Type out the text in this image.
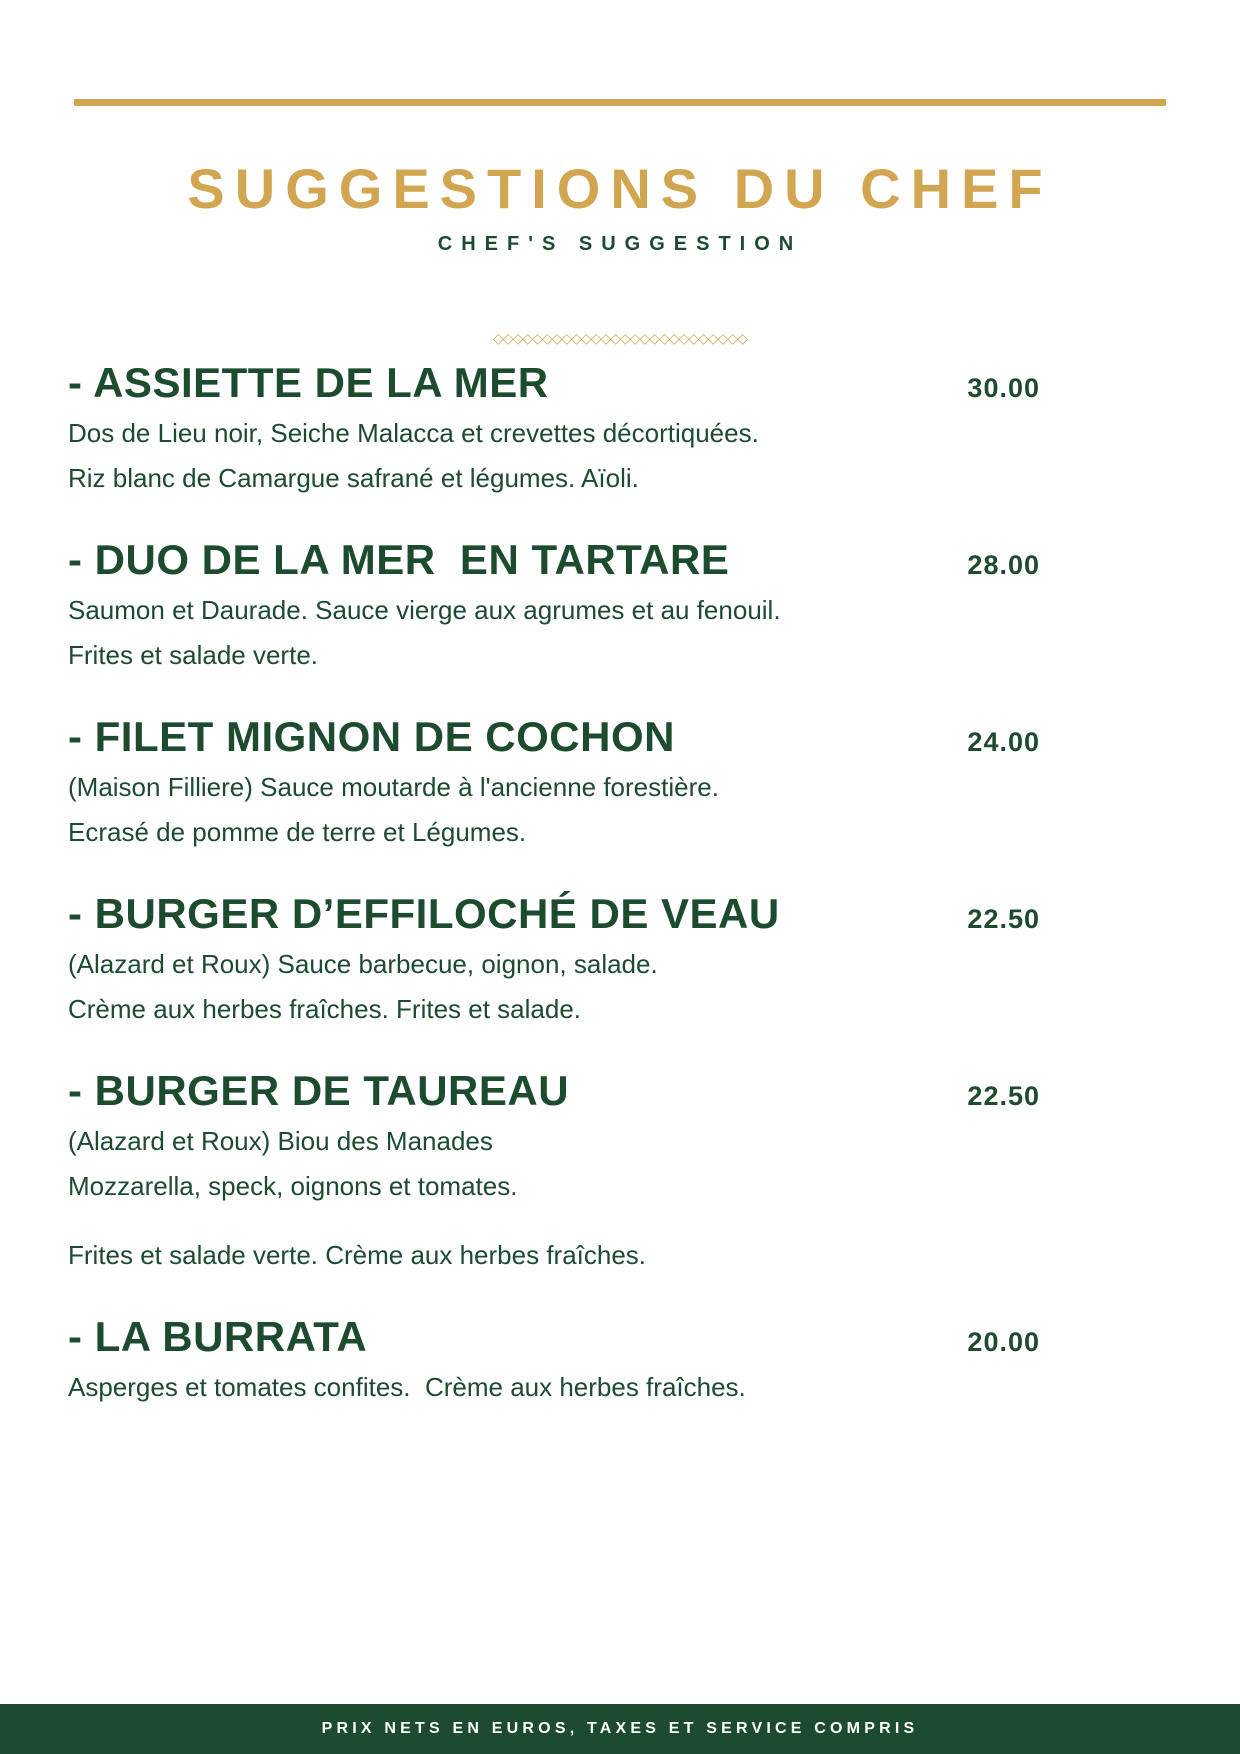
SUGGESTIONS DU CHEF
CHEF'S SUGGESTION
◇◇◇◇◇◇◇◇◇◇◇◇◇◇◇◇◇◇◇◇◇◇◇◇◇◇
- ASSIETTE DE LA MER	30.00

Dos de Lieu noir, Seiche Malacca et crevettes décortiquées.

Riz blanc de Camargue safrané et légumes. Aïoli.

- DUO DE LA MER  EN TARTARE	28.00

Saumon et Daurade. Sauce vierge aux agrumes et au fenouil.

Frites et salade verte.

- FILET MIGNON DE COCHON	24.00

(Maison Filliere) Sauce moutarde à l'ancienne forestière.

Ecrasé de pomme de terre et Légumes.

- BURGER D’EFFILOCHÉ DE VEAU	22.50

(Alazard et Roux) Sauce barbecue, oignon, salade.

Crème aux herbes fraîches. Frites et salade.

- BURGER DE TAUREAU	22.50

(Alazard et Roux) Biou des Manades

Mozzarella, speck, oignons et tomates.

Frites et salade verte. Crème aux herbes fraîches.

- LA BURRATA	20.00

Asperges et tomates confites.  Crème aux herbes fraîches.

PRIX NETS EN EUROS, TAXES ET SERVICE COMPRIS
